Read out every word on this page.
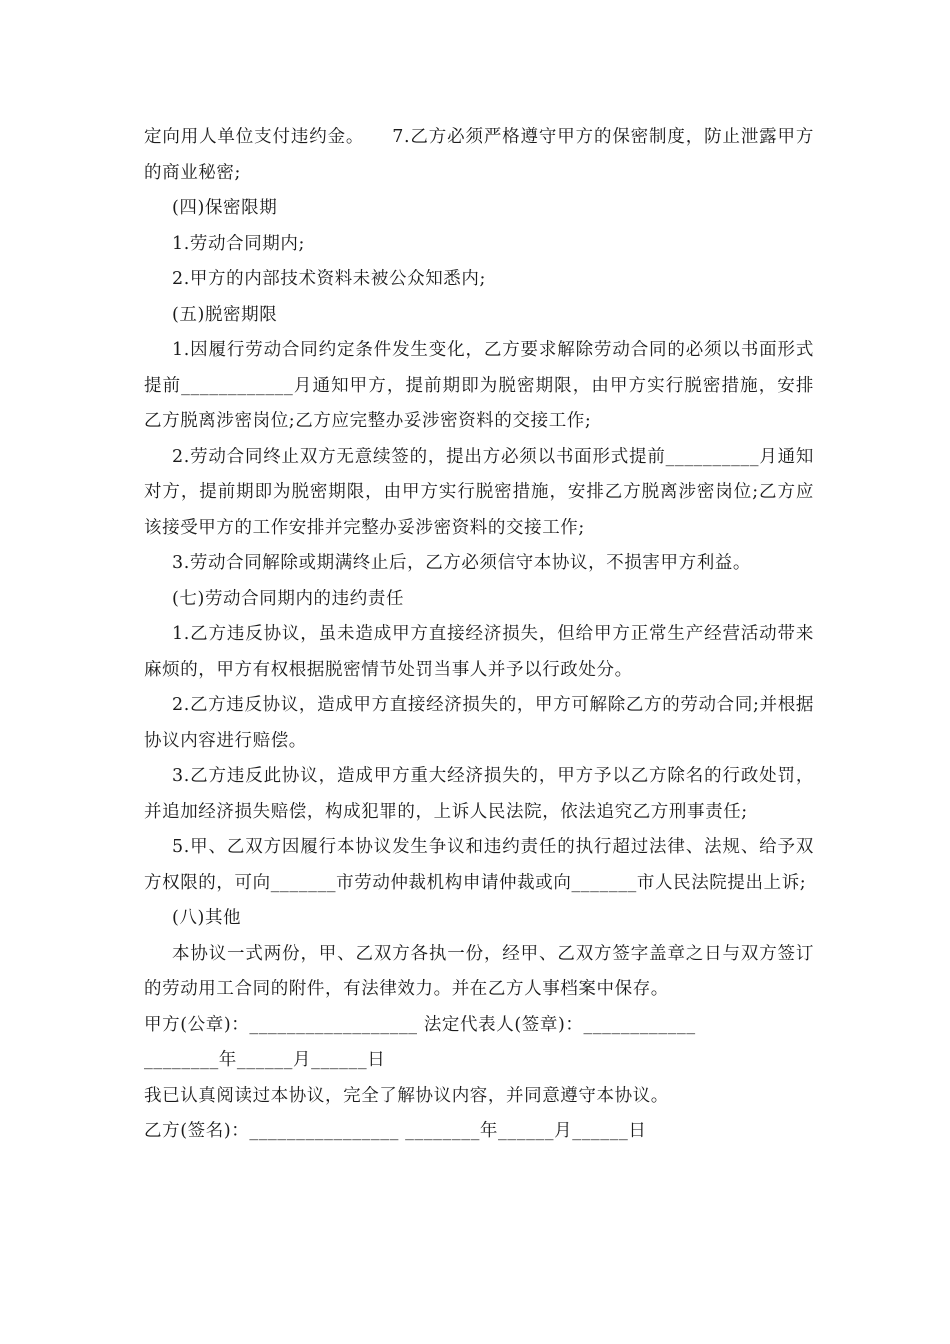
定向用人单位支付违约金。　　7.乙方必须严格遵守甲方的保密制度，防止泄露甲方的商业秘密;

(四)保密限期

1.劳动合同期内;

2.甲方的内部技术资料未被公众知悉内;

(五)脱密期限

1.因履行劳动合同约定条件发生变化，乙方要求解除劳动合同的必须以书面形式提前____________月通知甲方，提前期即为脱密期限，由甲方实行脱密措施，安排乙方脱离涉密岗位;乙方应完整办妥涉密资料的交接工作;

2.劳动合同终止双方无意续签的，提出方必须以书面形式提前__________月通知对方，提前期即为脱密期限，由甲方实行脱密措施，安排乙方脱离涉密岗位;乙方应该接受甲方的工作安排并完整办妥涉密资料的交接工作;

3.劳动合同解除或期满终止后，乙方必须信守本协议，不损害甲方利益。

(七)劳动合同期内的违约责任

1.乙方违反协议，虽未造成甲方直接经济损失，但给甲方正常生产经营活动带来麻烦的，甲方有权根据脱密情节处罚当事人并予以行政处分。

2.乙方违反协议，造成甲方直接经济损失的，甲方可解除乙方的劳动合同;并根据协议内容进行赔偿。

3.乙方违反此协议，造成甲方重大经济损失的，甲方予以乙方除名的行政处罚，并追加经济损失赔偿，构成犯罪的，上诉人民法院，依法追究乙方刑事责任;

5.甲、乙双方因履行本协议发生争议和违约责任的执行超过法律、法规、给予双方权限的，可向_______市劳动仲裁机构申请仲裁或向_______市人民法院提出上诉;

(八)其他

本协议一式两份，甲、乙双方各执一份，经甲、乙双方签字盖章之日与双方签订的劳动用工合同的附件，有法律效力。并在乙方人事档案中保存。

甲方(公章)：__________________ 法定代表人(签章)：____________

________年______月______日

我已认真阅读过本协议，完全了解协议内容，并同意遵守本协议。

乙方(签名)：________________ ________年______月______日
